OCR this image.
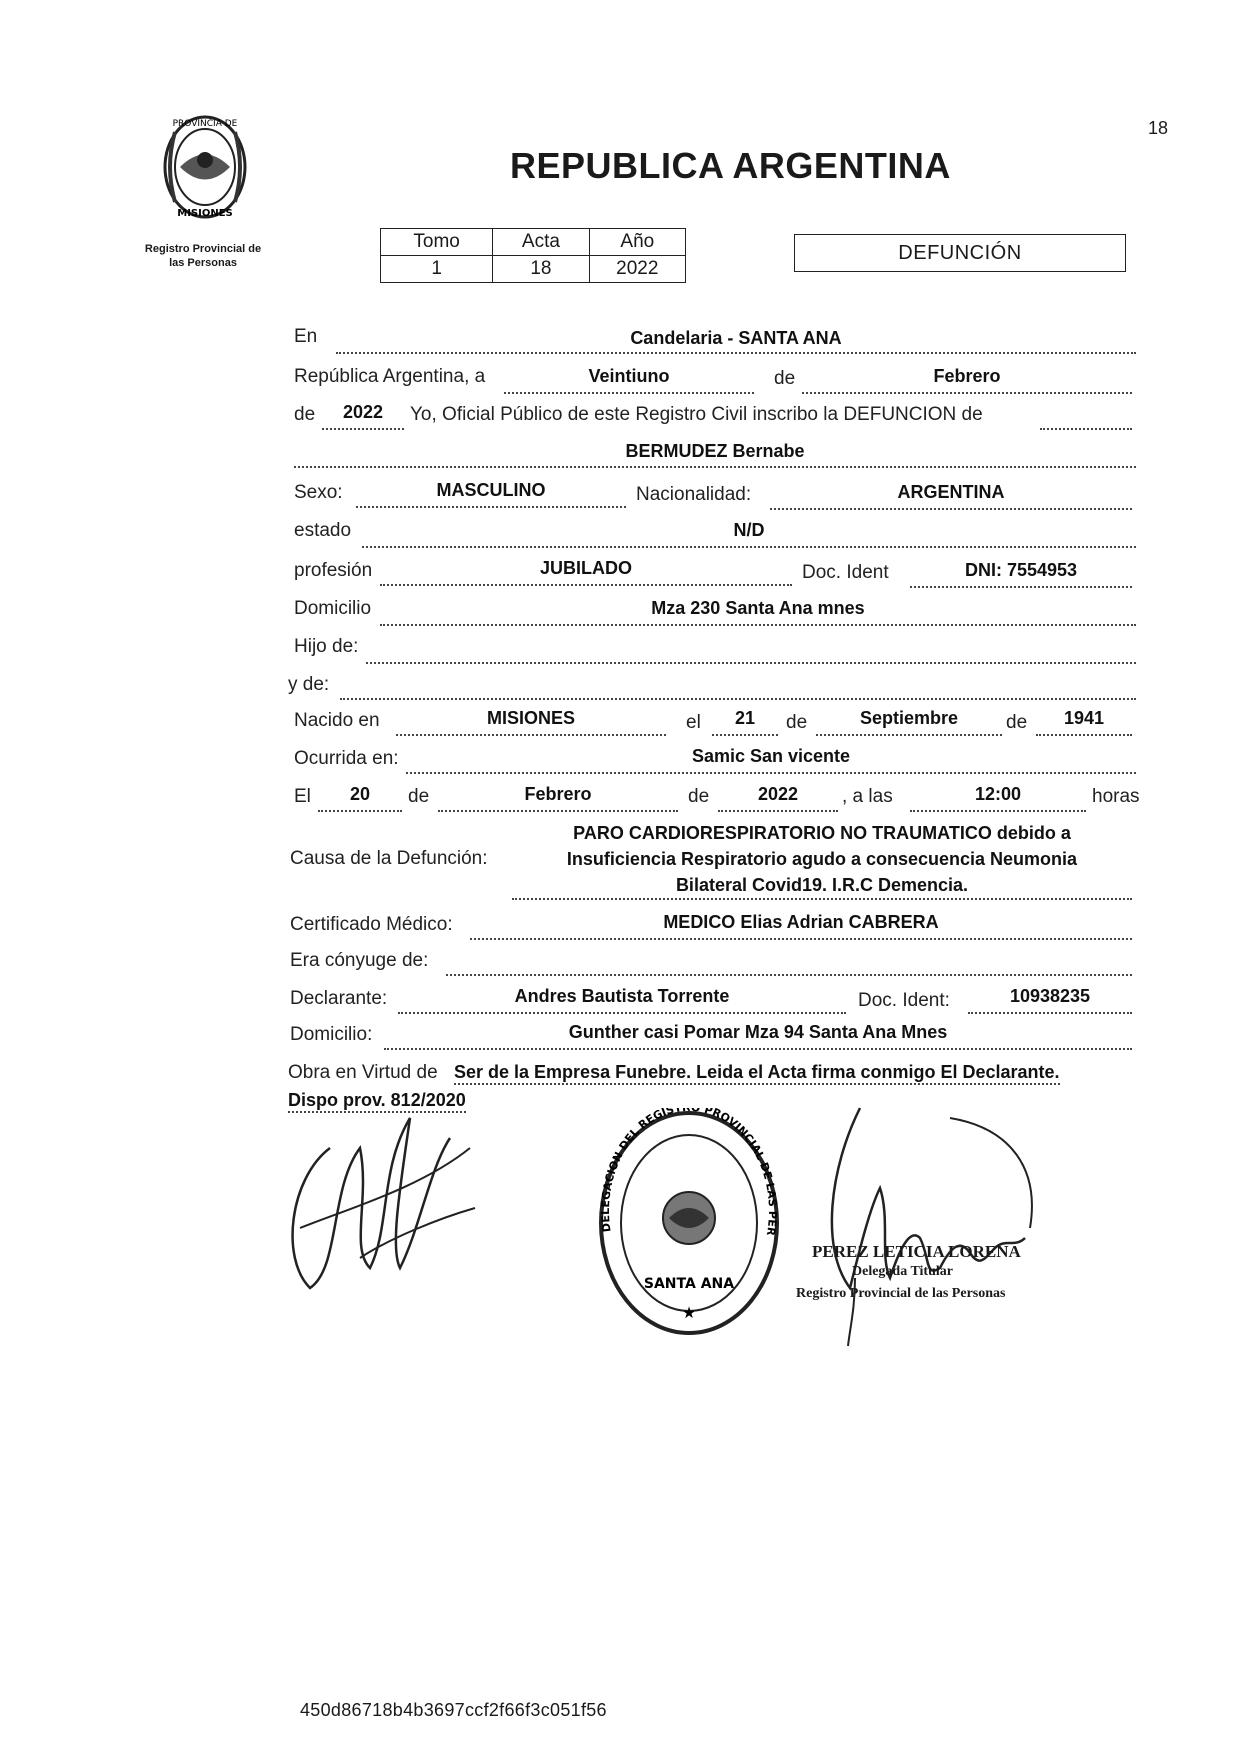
18
PROVINCIA DE
MISIONES
Registro Provincial de
las Personas
REPUBLICA ARGENTINA
Tomo	Acta	Año
1	18	2022
DEFUNCIÓN
En	Candelaria - SANTA ANA
República Argentina, a	Veintiuno	de	Febrero
de	2022	Yo, Oficial Público de este Registro Civil inscribo la DEFUNCION de
BERMUDEZ Bernabe
Sexo:	MASCULINO	Nacionalidad:	ARGENTINA
estado	N/D
profesión	JUBILADO	Doc. Ident	DNI: 7554953
Domicilio	Mza 230 Santa Ana mnes
Hijo de:
y de:
Nacido en	MISIONES	el	21	de	Septiembre	de	1941
Ocurrida en:	Samic San vicente
El	20	de	Febrero	de	2022	, a las	12:00	horas
Causa de la Defunción:
PARO CARDIORESPIRATORIO NO TRAUMATICO debido a
Insuficiencia Respiratorio agudo a consecuencia Neumonia
Bilateral Covid19. I.R.C Demencia.
Certificado Médico:	MEDICO Elias Adrian CABRERA
Era cónyuge de:
Declarante:	Andres Bautista Torrente	Doc. Ident:	10938235
Domicilio:	Gunther casi Pomar Mza 94 Santa Ana Mnes
Obra en Virtud de Ser de la Empresa Funebre. Leida el Acta firma conmigo El Declarante.
Dispo prov. 812/2020
SANTA ANA
DELEGACION DEL REGIST PROVINCIAL DE LAS PER
★
PEREZ LETICIA LORENA
Delegada Titular
Registro Provincial de las Personas
450d86718b4b3697ccf2f66f3c051f56
